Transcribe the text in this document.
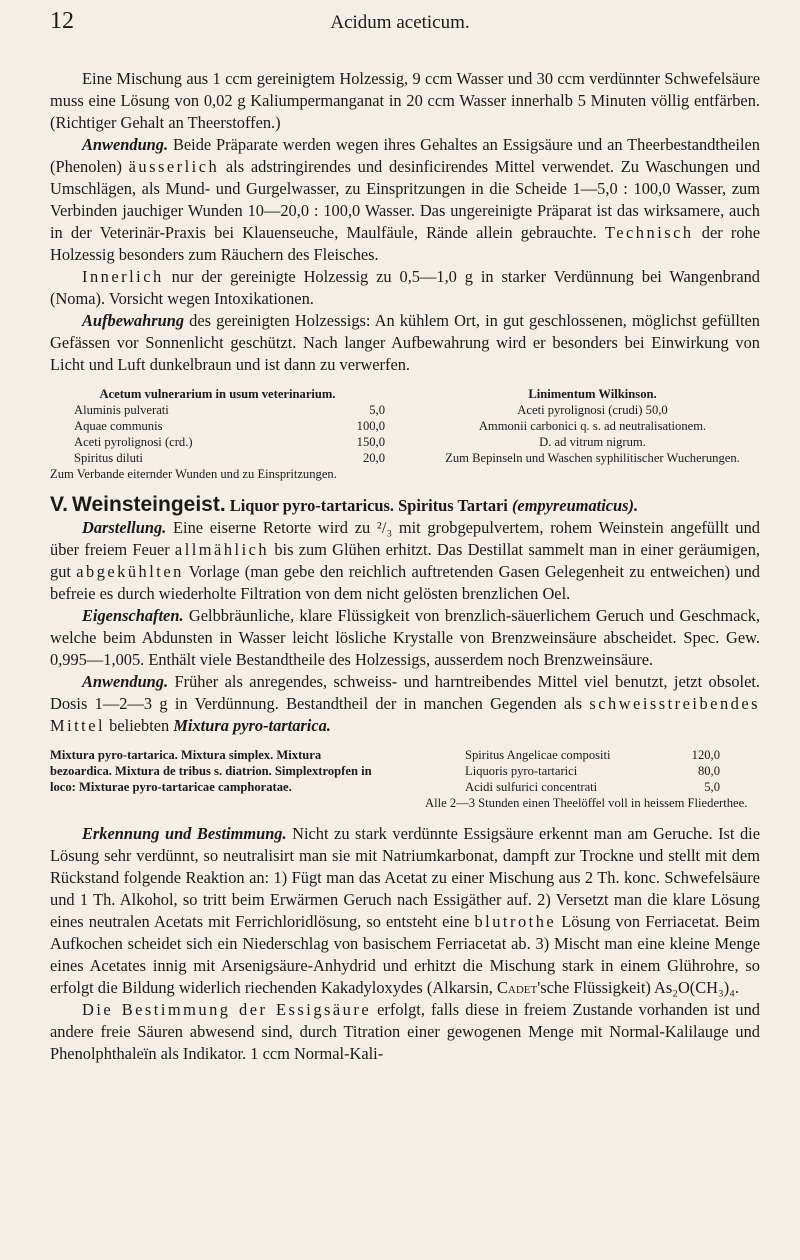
12	Acidum aceticum.

Eine Mischung aus 1 ccm gereinigtem Holzessig, 9 ccm Wasser und 30 ccm verdünnter Schwefelsäure muss eine Lösung von 0,02 g Kaliumpermanganat in 20 ccm Wasser innerhalb 5 Minuten völlig entfärben. (Richtiger Gehalt an Theerstoffen.)

Anwendung. Beide Präparate werden wegen ihres Gehaltes an Essigsäure und an Theerbestandtheilen (Phenolen) äusserlich als adstringirendes und desinficirendes Mittel verwendet. Zu Waschungen und Umschlägen, als Mund- und Gurgelwasser, zu Einspritzungen in die Scheide 1—5,0 : 100,0 Wasser, zum Verbinden jauchiger Wunden 10—20,0 : 100,0 Wasser. Das ungereinigte Präparat ist das wirksamere, auch in der Veterinär-Praxis bei Klauenseuche, Maulfäule, Rände allein gebrauchte. Technisch der rohe Holzessig besonders zum Räuchern des Fleisches.

Innerlich nur der gereinigte Holzessig zu 0,5—1,0 g in starker Verdünnung bei Wangenbrand (Noma). Vorsicht wegen Intoxikationen.

Aufbewahrung des gereinigten Holzessigs: An kühlem Ort, in gut geschlossenen, möglichst gefüllten Gefässen vor Sonnenlicht geschützt. Nach langer Aufbewahrung wird er besonders bei Einwirkung von Licht und Luft dunkelbraun und ist dann zu verwerfen.

Acetum vulnerarium in usum veterinarium.
Aluminis pulverati	5,0
Aquae communis	100,0
Aceti pyrolignosi (crd.)	150,0
Spiritus diluti	20,0
Zum Verbande eiternder Wunden und zu Einspritzungen.
Linimentum Wilkinson.
Aceti pyrolignosi (crudi) 50,0
Ammonii carbonici q. s. ad neutralisationem.
D. ad vitrum nigrum.
Zum Bepinseln und Waschen syphilitischer Wucherungen.

V. Weinsteingeist. Liquor pyro-tartaricus. Spiritus Tartari (empyreumaticus).

Darstellung. Eine eiserne Retorte wird zu ²/₃ mit grobgepulvertem, rohem Weinstein angefüllt und über freiem Feuer allmählich bis zum Glühen erhitzt. Das Destillat sammelt man in einer geräumigen, gut abgekühlten Vorlage (man gebe den reichlich auftretenden Gasen Gelegenheit zu entweichen) und befreie es durch wiederholte Filtration von dem nicht gelösten brenzlichen Oel.

Eigenschaften. Gelbbräunliche, klare Flüssigkeit von brenzlich-säuerlichem Geruch und Geschmack, welche beim Abdunsten in Wasser leicht lösliche Krystalle von Brenzweinsäure abscheidet. Spec. Gew. 0,995—1,005. Enthält viele Bestandtheile des Holzessigs, ausserdem noch Brenzweinsäure.

Anwendung. Früher als anregendes, schweiss- und harntreibendes Mittel viel benutzt, jetzt obsolet. Dosis 1—2—3 g in Verdünnung. Bestandtheil der in manchen Gegenden als schweisstreibendes Mittel beliebten Mixtura pyro-tartarica.

Mixtura pyro-tartarica. Mixtura simplex. Mixtura bezoardica. Mixtura de tribus s. diatrion. Simplextropfen in loco: Mixturae pyro-tartaricae camphoratae.
Spiritus Angelicae compositi	120,0
Liquoris pyro-tartarici	80,0
Acidi sulfurici concentrati	5,0
Alle 2—3 Stunden einen Theelöffel voll in heissem Fliederthee.

Erkennung und Bestimmung. Nicht zu stark verdünnte Essigsäure erkennt man am Geruche. Ist die Lösung sehr verdünnt, so neutralisirt man sie mit Natriumkarbonat, dampft zur Trockne und stellt mit dem Rückstand folgende Reaktion an: 1) Fügt man das Acetat zu einer Mischung aus 2 Th. konc. Schwefelsäure und 1 Th. Alkohol, so tritt beim Erwärmen Geruch nach Essigäther auf. 2) Versetzt man die klare Lösung eines neutralen Acetats mit Ferrichloridlösung, so entsteht eine blutrothe Lösung von Ferriacetat. Beim Aufkochen scheidet sich ein Niederschlag von basischem Ferriacetat ab. 3) Mischt man eine kleine Menge eines Acetates innig mit Arsenigsäure-Anhydrid und erhitzt die Mischung stark in einem Glührohre, so erfolgt die Bildung widerlich riechenden Kakadyloxydes (Alkarsin, Cadet'sche Flüssigkeit) As₂O(CH₃)₄.

Die Bestimmung der Essigsäure erfolgt, falls diese in freiem Zustande vorhanden ist und andere freie Säuren abwesend sind, durch Titration einer gewogenen Menge mit Normal-Kalilauge und Phenolphthaleïn als Indikator. 1 ccm Normal-Kali-
